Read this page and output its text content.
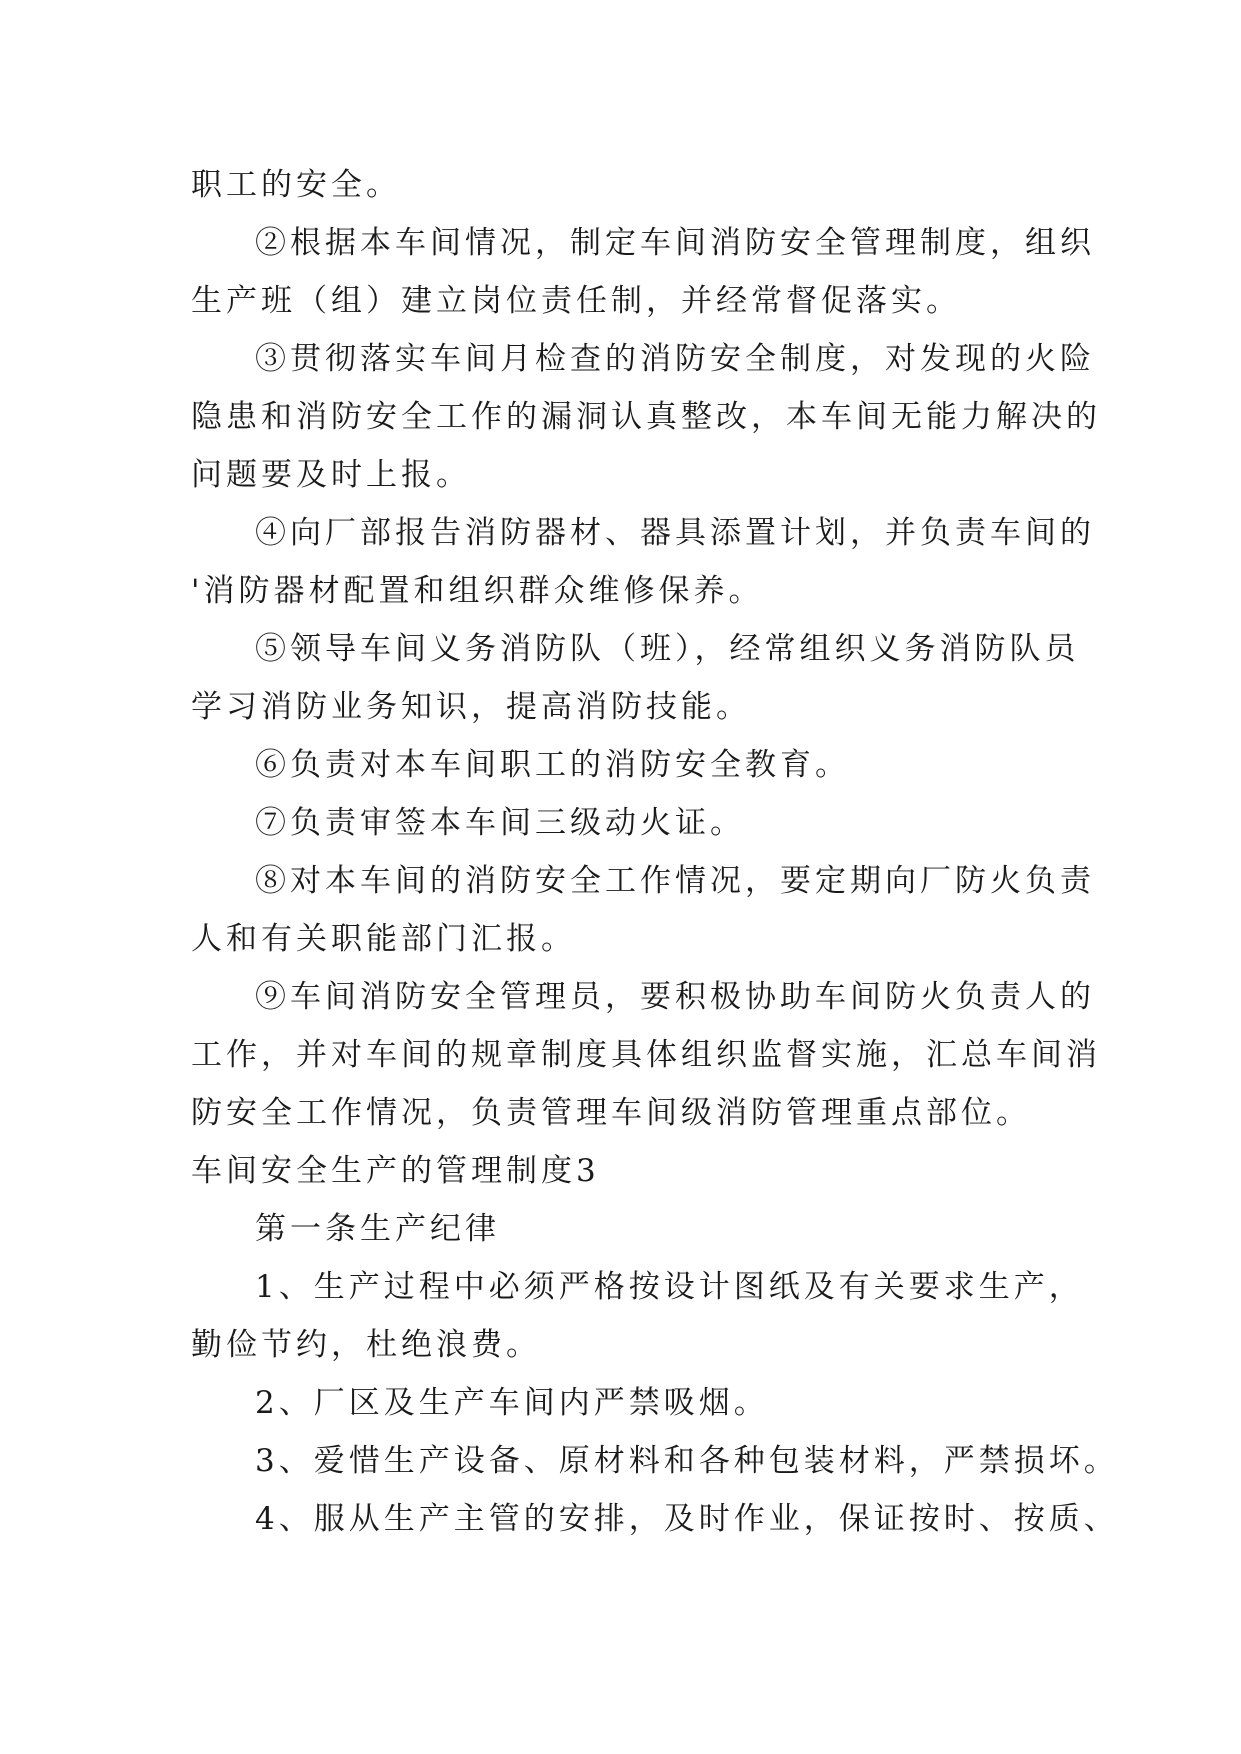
职工的安全。
②根据本车间情况，制定车间消防安全管理制度，组织
生产班（组）建立岗位责任制，并经常督促落实。
③贯彻落实车间月检查的消防安全制度，对发现的火险
隐患和消防安全工作的漏洞认真整改，本车间无能力解决的
问题要及时上报。
④向厂部报告消防器材、器具添置计划，并负责车间的
'消防器材配置和组织群众维修保养。
⑤领导车间义务消防队（班），经常组织义务消防队员
学习消防业务知识，提高消防技能。
⑥负责对本车间职工的消防安全教育。
⑦负责审签本车间三级动火证。
⑧对本车间的消防安全工作情况，要定期向厂防火负责
人和有关职能部门汇报。
⑨车间消防安全管理员，要积极协助车间防火负责人的
工作，并对车间的规章制度具体组织监督实施，汇总车间消
防安全工作情况，负责管理车间级消防管理重点部位。
车间安全生产的管理制度3
第一条生产纪律
1、生产过程中必须严格按设计图纸及有关要求生产，
勤俭节约，杜绝浪费。
2、厂区及生产车间内严禁吸烟。
3、爱惜生产设备、原材料和各种包装材料，严禁损坏。
4、服从生产主管的安排，及时作业，保证按时、按质、
